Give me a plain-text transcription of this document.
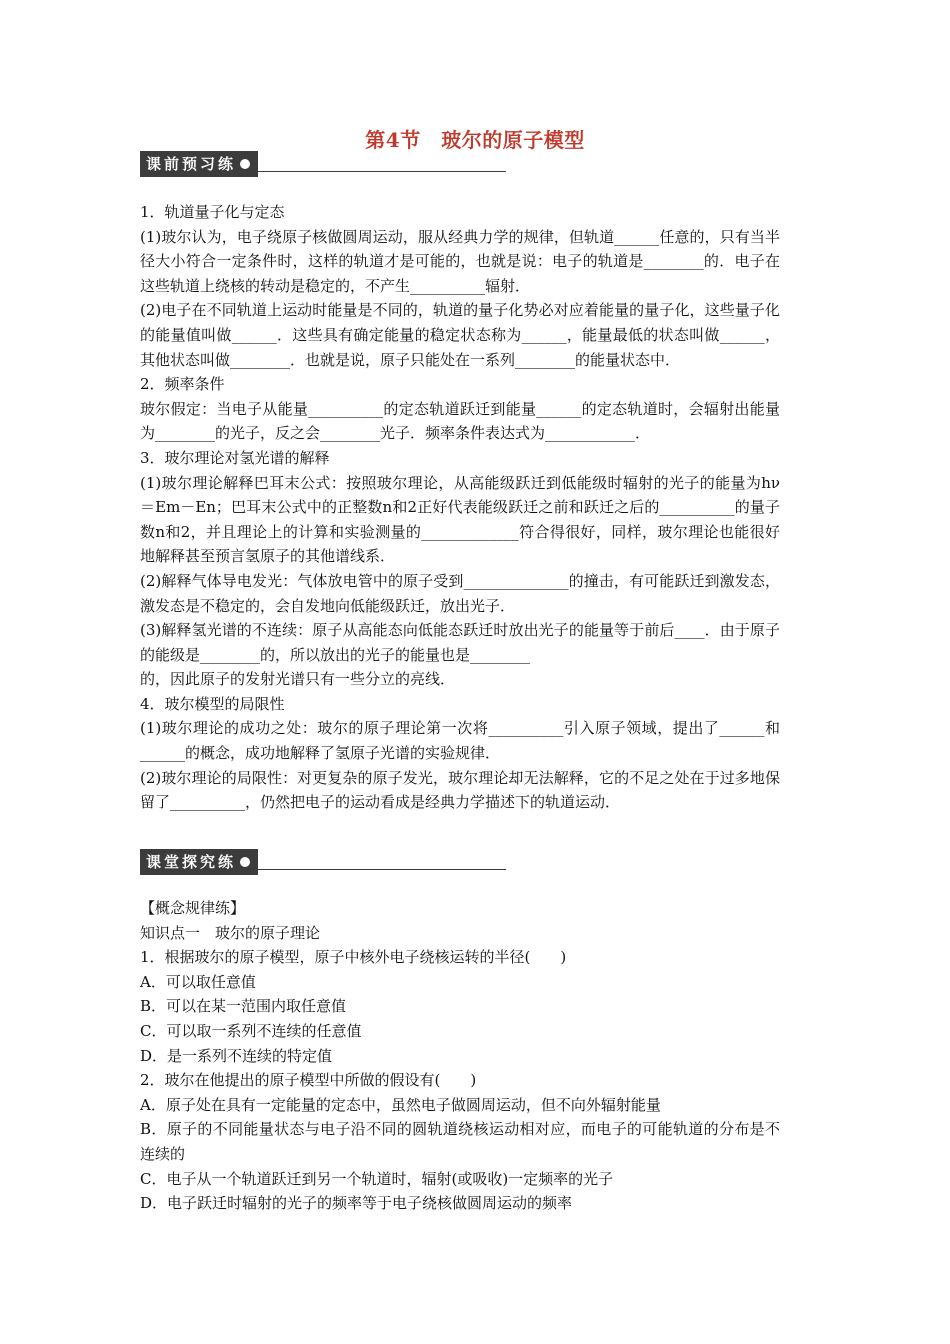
第4节　玻尔的原子模型
课前预习练

1．轨道量子化与定态

(1)玻尔认为，电子绕原子核做圆周运动，服从经典力学的规律，但轨道______任意的，只有当半径大小符合一定条件时，这样的轨道才是可能的，也就是说：电子的轨道是________的．电子在这些轨道上绕核的转动是稳定的，不产生__________辐射．

(2)电子在不同轨道上运动时能量是不同的，轨道的量子化势必对应着能量的量子化，这些量子化的能量值叫做______．这些具有确定能量的稳定状态称为______，能量最低的状态叫做______，其他状态叫做________．也就是说，原子只能处在一系列________的能量状态中．

2．频率条件

玻尔假定：当电子从能量__________的定态轨道跃迁到能量______的定态轨道时，会辐射出能量为________的光子，反之会________光子．频率条件表达式为____________．

3．玻尔理论对氢光谱的解释

(1)玻尔理论解释巴耳末公式：按照玻尔理论，从高能级跃迁到低能级时辐射的光子的能量为hν＝Em－En；巴耳末公式中的正整数n和2正好代表能级跃迁之前和跃迁之后的__________的量子数n和2，并且理论上的计算和实验测量的_____________符合得很好，同样，玻尔理论也能很好地解释甚至预言氢原子的其他谱线系．

(2)解释气体导电发光：气体放电管中的原子受到______________的撞击，有可能跃迁到激发态，激发态是不稳定的，会自发地向低能级跃迁，放出光子．

(3)解释氢光谱的不连续：原子从高能态向低能态跃迁时放出光子的能量等于前后____．由于原子的能级是________的，所以放出的光子的能量也是________

的，因此原子的发射光谱只有一些分立的亮线．

4．玻尔模型的局限性

(1)玻尔理论的成功之处：玻尔的原子理论第一次将__________引入原子领域，提出了______和______的概念，成功地解释了氢原子光谱的实验规律．

(2)玻尔理论的局限性：对更复杂的原子发光，玻尔理论却无法解释，它的不足之处在于过多地保留了__________，仍然把电子的运动看成是经典力学描述下的轨道运动．

课堂探究练

【概念规律练】

知识点一　玻尔的原子理论

1．根据玻尔的原子模型，原子中核外电子绕核运转的半径(　　)

A．可以取任意值

B．可以在某一范围内取任意值

C．可以取一系列不连续的任意值

D．是一系列不连续的特定值

2．玻尔在他提出的原子模型中所做的假设有(　　)

A．原子处在具有一定能量的定态中，虽然电子做圆周运动，但不向外辐射能量

B．原子的不同能量状态与电子沿不同的圆轨道绕核运动相对应，而电子的可能轨道的分布是不连续的

C．电子从一个轨道跃迁到另一个轨道时，辐射(或吸收)一定频率的光子

D．电子跃迁时辐射的光子的频率等于电子绕核做圆周运动的频率
